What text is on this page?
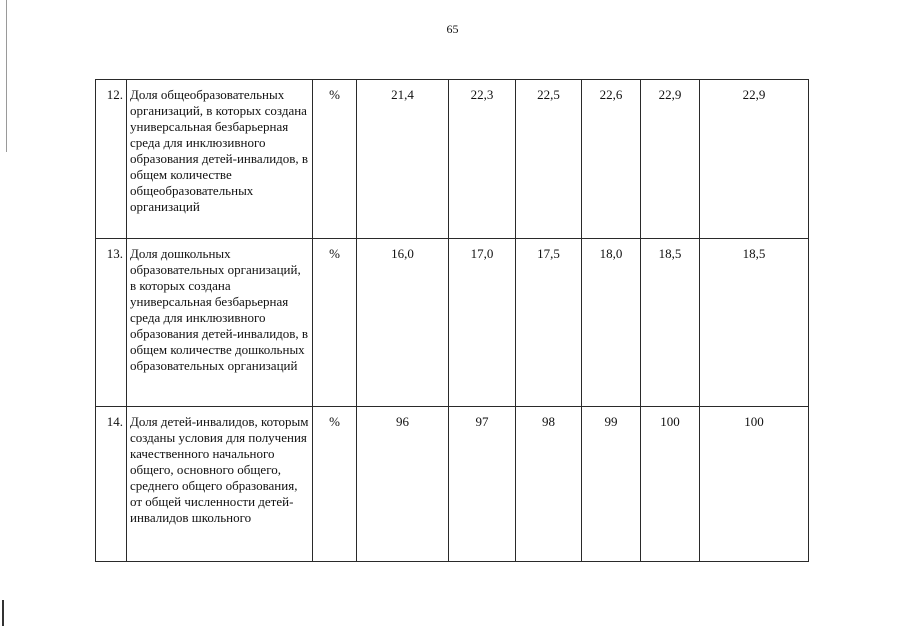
65
12.	Доля общеобразовательных организаций, в которых создана универсальная безбарьерная среда для инклюзивного образования детей-инвалидов, в общем количестве общеобразовательных организаций	%	21,4	22,3	22,5	22,6	22,9	22,9
13.	Доля дошкольных образовательных организаций, в которых создана универсальная безбарьерная среда для инклюзивного образования детей-инвалидов, в общем количестве дошкольных образовательных организаций	%	16,0	17,0	17,5	18,0	18,5	18,5
14.	Доля детей-инвалидов, которым созданы условия для получения качественного начального общего, основного общего, среднего общего образования, от общей численности детей-инвалидов школьного	%	96	97	98	99	100	100
